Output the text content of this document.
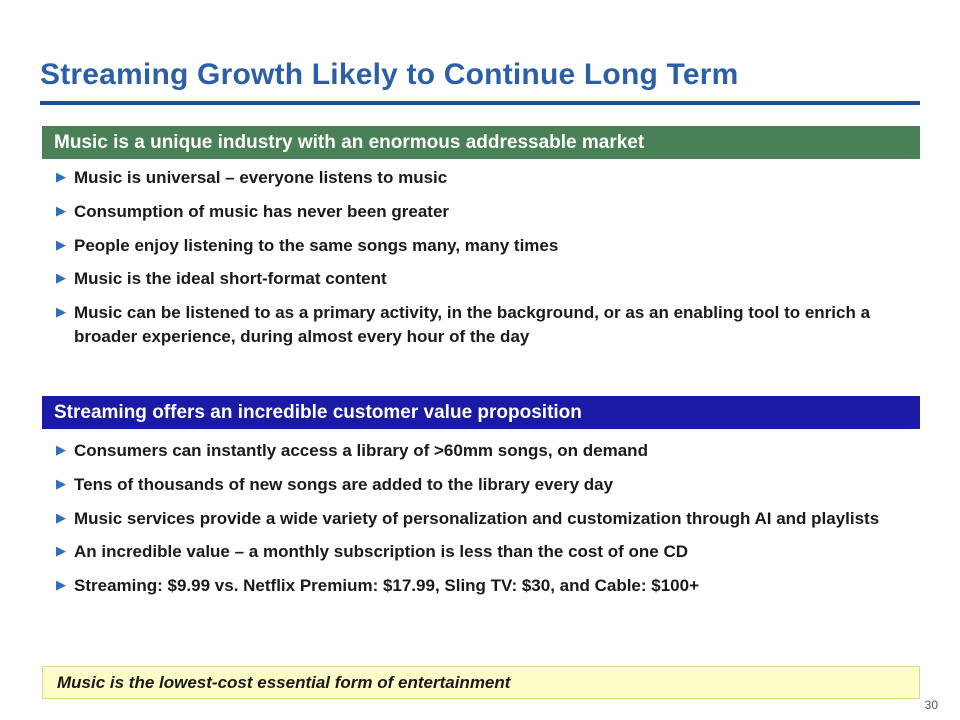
Streaming Growth Likely to Continue Long Term
Music is a unique industry with an enormous addressable market
▶ Music is universal – everyone listens to music
▶ Consumption of music has never been greater
▶ People enjoy listening to the same songs many, many times
▶ Music is the ideal short-format content
▶ Music can be listened to as a primary activity, in the background, or as an enabling tool to enrich a broader experience, during almost every hour of the day
Streaming offers an incredible customer value proposition
▶ Consumers can instantly access a library of >60mm songs, on demand
▶ Tens of thousands of new songs are added to the library every day
▶ Music services provide a wide variety of personalization and customization through AI and playlists
▶ An incredible value – a monthly subscription is less than the cost of one CD
▶ Streaming: $9.99 vs. Netflix Premium: $17.99, Sling TV: $30, and Cable: $100+
Music is the lowest-cost essential form of entertainment
30
